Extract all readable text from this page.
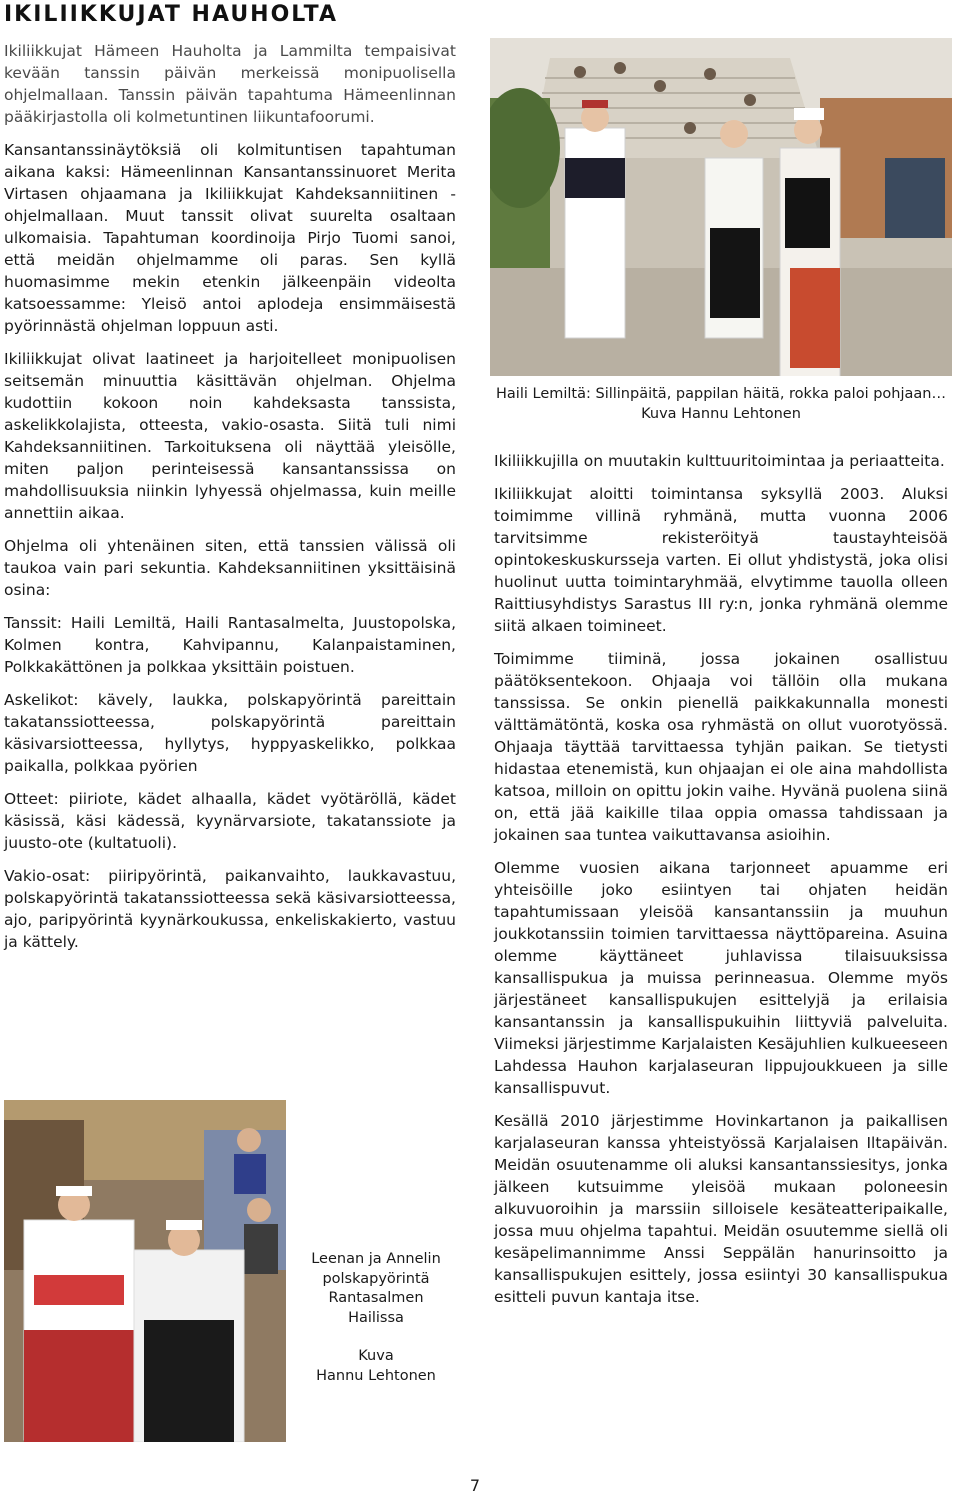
IKILIIKKUJAT HAUHOLTA

Ikiliikkujat Hämeen Hauholta ja Lammilta tempaisivat kevään tanssin päivän merkeissä monipuolisella ohjelmallaan. Tanssin päivän tapahtuma Hämeenlinnan pääkirjastolla oli kolmetuntinen liikuntafoorumi.

Kansantanssinäytöksiä oli kolmituntisen tapahtuman aikana kaksi: Hämeenlinnan Kansantanssinuoret Merita Virtasen ohjaamana ja Ikiliikkujat Kahdeksanniitinen -ohjelmallaan. Muut tanssit olivat suurelta osaltaan ulkomaisia. Tapahtuman koordinoija Pirjo Tuomi sanoi, että meidän ohjelmamme oli paras. Sen kyllä huomasimme mekin etenkin jälkeenpäin videolta katsoessamme: Yleisö antoi aplodeja ensimmäisestä pyörinnästä ohjelman loppuun asti.

Ikiliikkujat olivat laatineet ja harjoitelleet monipuolisen seitsemän minuuttia käsittävän ohjelman. Ohjelma kudottiin kokoon noin kahdeksasta tanssista, askelikkolajista, otteesta, vakio-osasta. Siitä tuli nimi Kahdeksanniitinen. Tarkoituksena oli näyttää yleisölle, miten paljon perinteisessä kansantanssissa on mahdollisuuksia niinkin lyhyessä ohjelmassa, kuin meille annettiin aikaa.

Ohjelma oli yhtenäinen siten, että tanssien välissä oli taukoa vain pari sekuntia. Kahdeksanniitinen yksittäisinä osina:

Tanssit: Haili Lemiltä, Haili Rantasalmelta, Juustopolska, Kolmen kontra, Kahvipannu, Kalanpaistaminen, Polkkakättönen ja polkkaa yksittäin poistuen.

Askelikot: kävely, laukka, polskapyörintä pareittain takatanssiotteessa, polskapyörintä pareittain käsivarsiotteessa, hyllytys, hyppyaskelikko, polkkaa paikalla, polkkaa pyörien

Otteet: piiriote, kädet alhaalla, kädet vyötäröllä, kädet käsissä, käsi kädessä, kyynärvarsiote, takatanssiote ja juusto-ote (kultatuoli).

Vakio-osat: piiripyörintä, paikanvaihto, laukkavastuu, polskapyörintä takatanssiotteessa sekä käsivarsiotteessa, ajo, paripyörintä kyynärkoukussa, enkeliskakierto, vastuu ja kättely.

Haili Lemiltä: Sillinpäitä, pappilan häitä, rokka paloi pohjaan… Kuva Hannu Lehtonen

Ikiliikkujilla on muutakin kulttuuritoimintaa ja periaatteita.

Ikiliikkujat aloitti toimintansa syksyllä 2003. Aluksi toimimme villinä ryhmänä, mutta vuonna 2006 tarvitsimme rekisteröityä taustayhteisöä opintokeskuskursseja varten. Ei ollut yhdistystä, joka olisi huolinut uutta toimintaryhmää, elvytimme tauolla olleen Raittiusyhdistys Sarastus III ry:n, jonka ryhmänä olemme siitä alkaen toimineet.

Toimimme tiiminä, jossa jokainen osallistuu päätöksentekoon. Ohjaaja voi tällöin olla mukana tanssissa. Se onkin pienellä paikkakunnalla monesti välttämätöntä, koska osa ryhmästä on ollut vuorotyössä. Ohjaaja täyttää tarvittaessa tyhjän paikan. Se tietysti hidastaa etenemistä, kun ohjaajan ei ole aina mahdollista katsoa, milloin on opittu jokin vaihe. Hyvänä puolena siinä on, että jää kaikille tilaa oppia omassa tahdissaan ja jokainen saa tuntea vaikuttavansa asioihin.

Olemme vuosien aikana tarjonneet apuamme eri yhteisöille joko esiintyen tai ohjaten heidän tapahtumissaan yleisöä kansantanssiin ja muuhun joukkotanssiin toimien tarvittaessa näyttöpareina. Asuina olemme käyttäneet juhlavissa tilaisuuksissa kansallispukua ja muissa perinneasua. Olemme myös järjestäneet kansallispukujen esittelyjä ja erilaisia kansantanssin ja kansallispukuihin liittyviä palveluita. Viimeksi järjestimme Karjalaisten Kesäjuhlien kulkueeseen Lahdessa Hauhon karjalaseuran lippujoukkueen ja sille kansallispuvut.

Kesällä 2010 järjestimme Hovinkartanon ja paikallisen karjalaseuran kanssa yhteistyössä Karjalaisen Iltapäivän. Meidän osuutenamme oli aluksi kansantanssiesitys, jonka jälkeen kutsuimme yleisöä mukaan poloneesin alkuvuoroihin ja marssiin silloisele kesäteatteripaikalle, jossa muu ohjelma tapahtui. Meidän osuutemme siellä oli kesäpelimannimme Anssi Seppälän hanurinsoitto ja kansallispukujen esittely, jossa esiintyi 30 kansallispukua esitteli puvun kantaja itse.

Leenan ja Annelin
polskapyörintä
Rantasalmen
Hailissa
Kuva
Hannu Lehtonen
7
